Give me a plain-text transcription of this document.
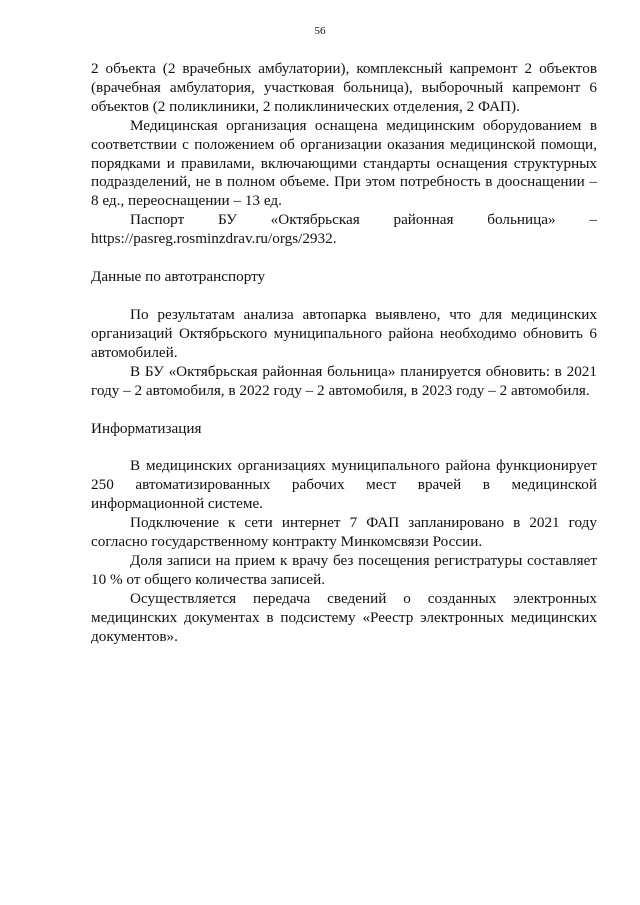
56

2 объекта (2 врачебных амбулатории), комплексный капремонт 2 объектов (врачебная амбулатория, участковая больница), выборочный капремонт 6 объектов (2 поликлиники, 2 поликлинических отделения, 2 ФАП).

Медицинская организация оснащена медицинским оборудованием в соответствии с положением об организации оказания медицинской помощи, порядками и правилами, включающими стандарты оснащения структурных подразделений, не в полном объеме. При этом потребность в дооснащении – 8 ед., переоснащении – 13 ед.

Паспорт БУ «Октябрьская районная больница» – https://pasreg.rosminzdrav.ru/orgs/2932.

Данные по автотранспорту

По результатам анализа автопарка выявлено, что для медицинских организаций Октябрьского муниципального района необходимо обновить 6 автомобилей.

В БУ «Октябрьская районная больница» планируется обновить: в 2021 году – 2 автомобиля, в 2022 году – 2 автомобиля, в 2023 году – 2 автомобиля.

Информатизация

В медицинских организациях муниципального района функционирует 250 автоматизированных рабочих мест врачей в медицинской информационной системе.

Подключение к сети интернет 7 ФАП запланировано в 2021 году согласно государственному контракту Минкомсвязи России.

Доля записи на прием к врачу без посещения регистратуры составляет 10 % от общего количества записей.

Осуществляется передача сведений о созданных электронных медицинских документах в подсистему «Реестр электронных медицинских документов».
